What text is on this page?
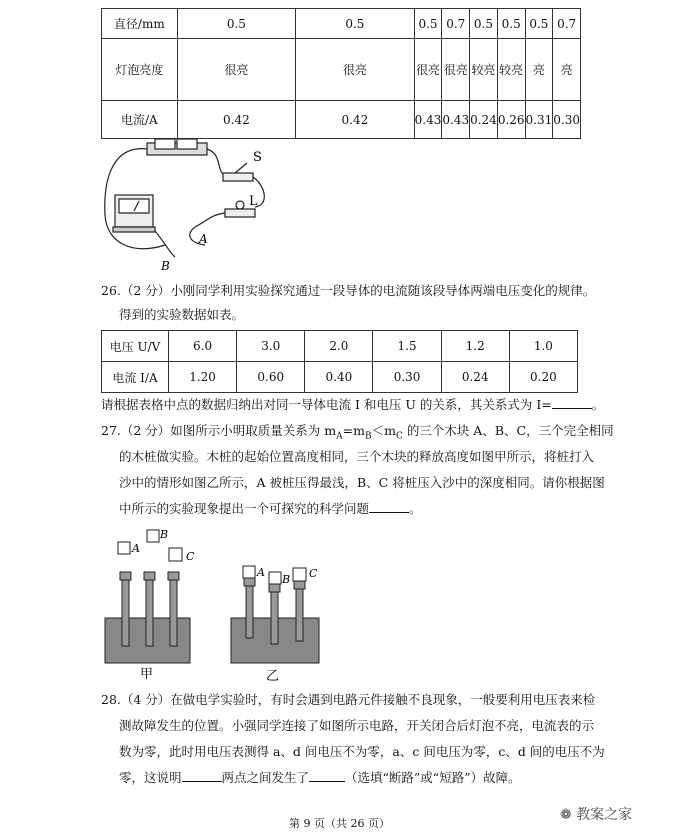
直径/mm	0.5	0.5	0.5	0.7	0.5	0.5	0.5	0.7
灯泡亮度	很亮	很亮	很亮	很亮	较亮	较亮	亮	亮
电流/A	0.42	0.42	0.43	0.43	0.24	0.26	0.31	0.30
S
L
A
B
26.（2 分）小刚同学利用实验探究通过一段导体的电流随该段导体两端电压变化的规律。
得到的实验数据如表。
电压 U/V	6.0	3.0	2.0	1.5	1.2	1.0
电流 I/A	1.20	0.60	0.40	0.30	0.24	0.20
请根据表格中点的数据归纳出对同一导体电流 I 和电压 U 的关系，其关系式为 I=	。
27.（2 分）如图所示小明取质量关系为 $m_A=m_B<m_C$ 的三个木块 A、B、C，三个完全相同
的木桩做实验。木桩的起始位置高度相同，三个木块的释放高度如图甲所示，将桩打入
沙中的情形如图乙所示，A 被桩压得最浅，B、C 将桩压入沙中的深度相同。请你根据图
中所示的实验现象提出一个可探究的科学问题	。
A
B
C
A
B C
甲	乙
28.（4 分）在做电学实验时，有时会遇到电路元件接触不良现象，一般要利用电压表来检
测故障发生的位置。小强同学连接了如图所示电路，开关闭合后灯泡不亮，电流表的示
数为零，此时用电压表测得 a、d 间电压不为零，a、c 间电压为零，c、d 间的电压不为
零，这说明	两点之间发生了	（选填“断路”或“短路”）故障。
第 9 页（共 26 页）
❁ 教案之家
